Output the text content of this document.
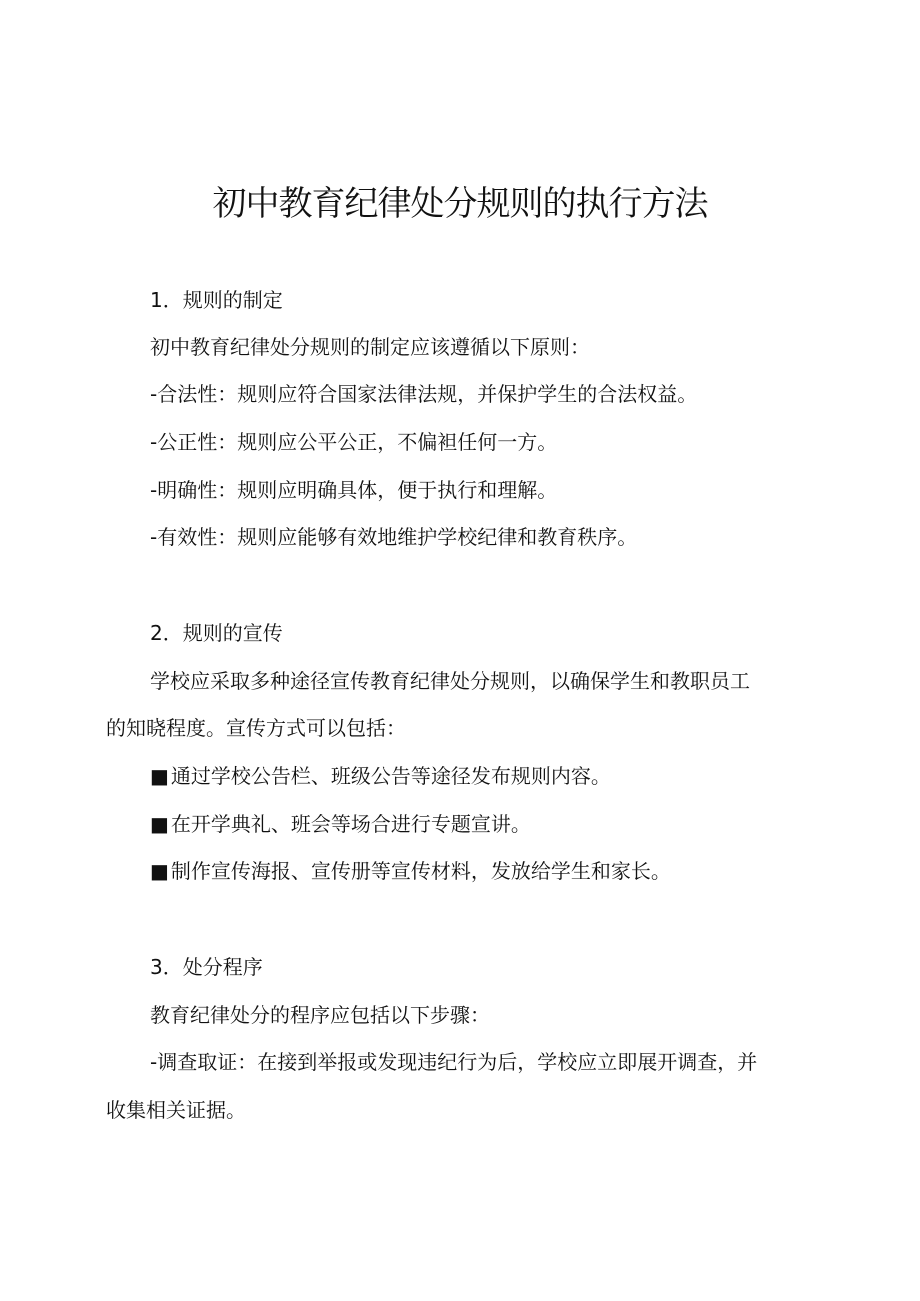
初中教育纪律处分规则的执行方法

1．规则的制定

初中教育纪律处分规则的制定应该遵循以下原则：

-合法性：规则应符合国家法律法规，并保护学生的合法权益。

-公正性：规则应公平公正，不偏袒任何一方。

-明确性：规则应明确具体，便于执行和理解。

-有效性：规则应能够有效地维护学校纪律和教育秩序。

2．规则的宣传

学校应采取多种途径宣传教育纪律处分规则，以确保学生和教职员工

的知晓程度。宣传方式可以包括：

■ 通过学校公告栏、班级公告等途径发布规则内容。

■ 在开学典礼、班会等场合进行专题宣讲。

■ 制作宣传海报、宣传册等宣传材料，发放给学生和家长。

3．处分程序

教育纪律处分的程序应包括以下步骤：

-调查取证：在接到举报或发现违纪行为后，学校应立即展开调查，并

收集相关证据。
